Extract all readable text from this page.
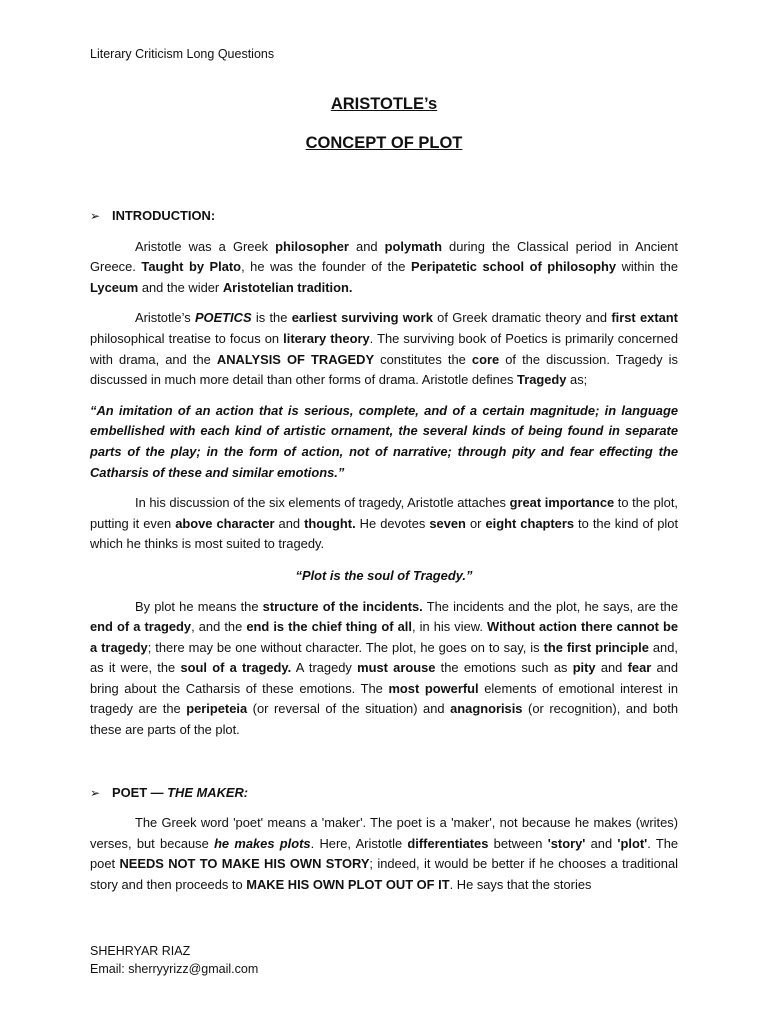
Literary Criticism Long Questions
ARISTOTLE’s
CONCEPT OF PLOT
➢ INTRODUCTION:

Aristotle was a Greek philosopher and polymath during the Classical period in Ancient Greece. Taught by Plato, he was the founder of the Peripatetic school of philosophy within the Lyceum and the wider Aristotelian tradition.

Aristotle’s POETICS is the earliest surviving work of Greek dramatic theory and first extant philosophical treatise to focus on literary theory. The surviving book of Poetics is primarily concerned with drama, and the ANALYSIS OF TRAGEDY constitutes the core of the discussion. Tragedy is discussed in much more detail than other forms of drama. Aristotle defines Tragedy as;

“An imitation of an action that is serious, complete, and of a certain magnitude; in language embellished with each kind of artistic ornament, the several kinds of being found in separate parts of the play; in the form of action, not of narrative; through pity and fear effecting the Catharsis of these and similar emotions.”

In his discussion of the six elements of tragedy, Aristotle attaches great importance to the plot, putting it even above character and thought. He devotes seven or eight chapters to the kind of plot which he thinks is most suited to tragedy.

“Plot is the soul of Tragedy.”

By plot he means the structure of the incidents. The incidents and the plot, he says, are the end of a tragedy, and the end is the chief thing of all, in his view. Without action there cannot be a tragedy; there may be one without character. The plot, he goes on to say, is the first principle and, as it were, the soul of a tragedy. A tragedy must arouse the emotions such as pity and fear and bring about the Catharsis of these emotions. The most powerful elements of emotional interest in tragedy are the peripeteia (or reversal of the situation) and anagnorisis (or recognition), and both these are parts of the plot.

➢ POET — THE MAKER:

The Greek word 'poet' means a 'maker'. The poet is a 'maker', not because he makes (writes) verses, but because he makes plots. Here, Aristotle differentiates between 'story' and 'plot'. The poet NEEDS NOT TO MAKE HIS OWN STORY; indeed, it would be better if he chooses a traditional story and then proceeds to MAKE HIS OWN PLOT OUT OF IT. He says that the stories

SHEHRYAR RIAZ
Email: sherryyrizz@gmail.com
